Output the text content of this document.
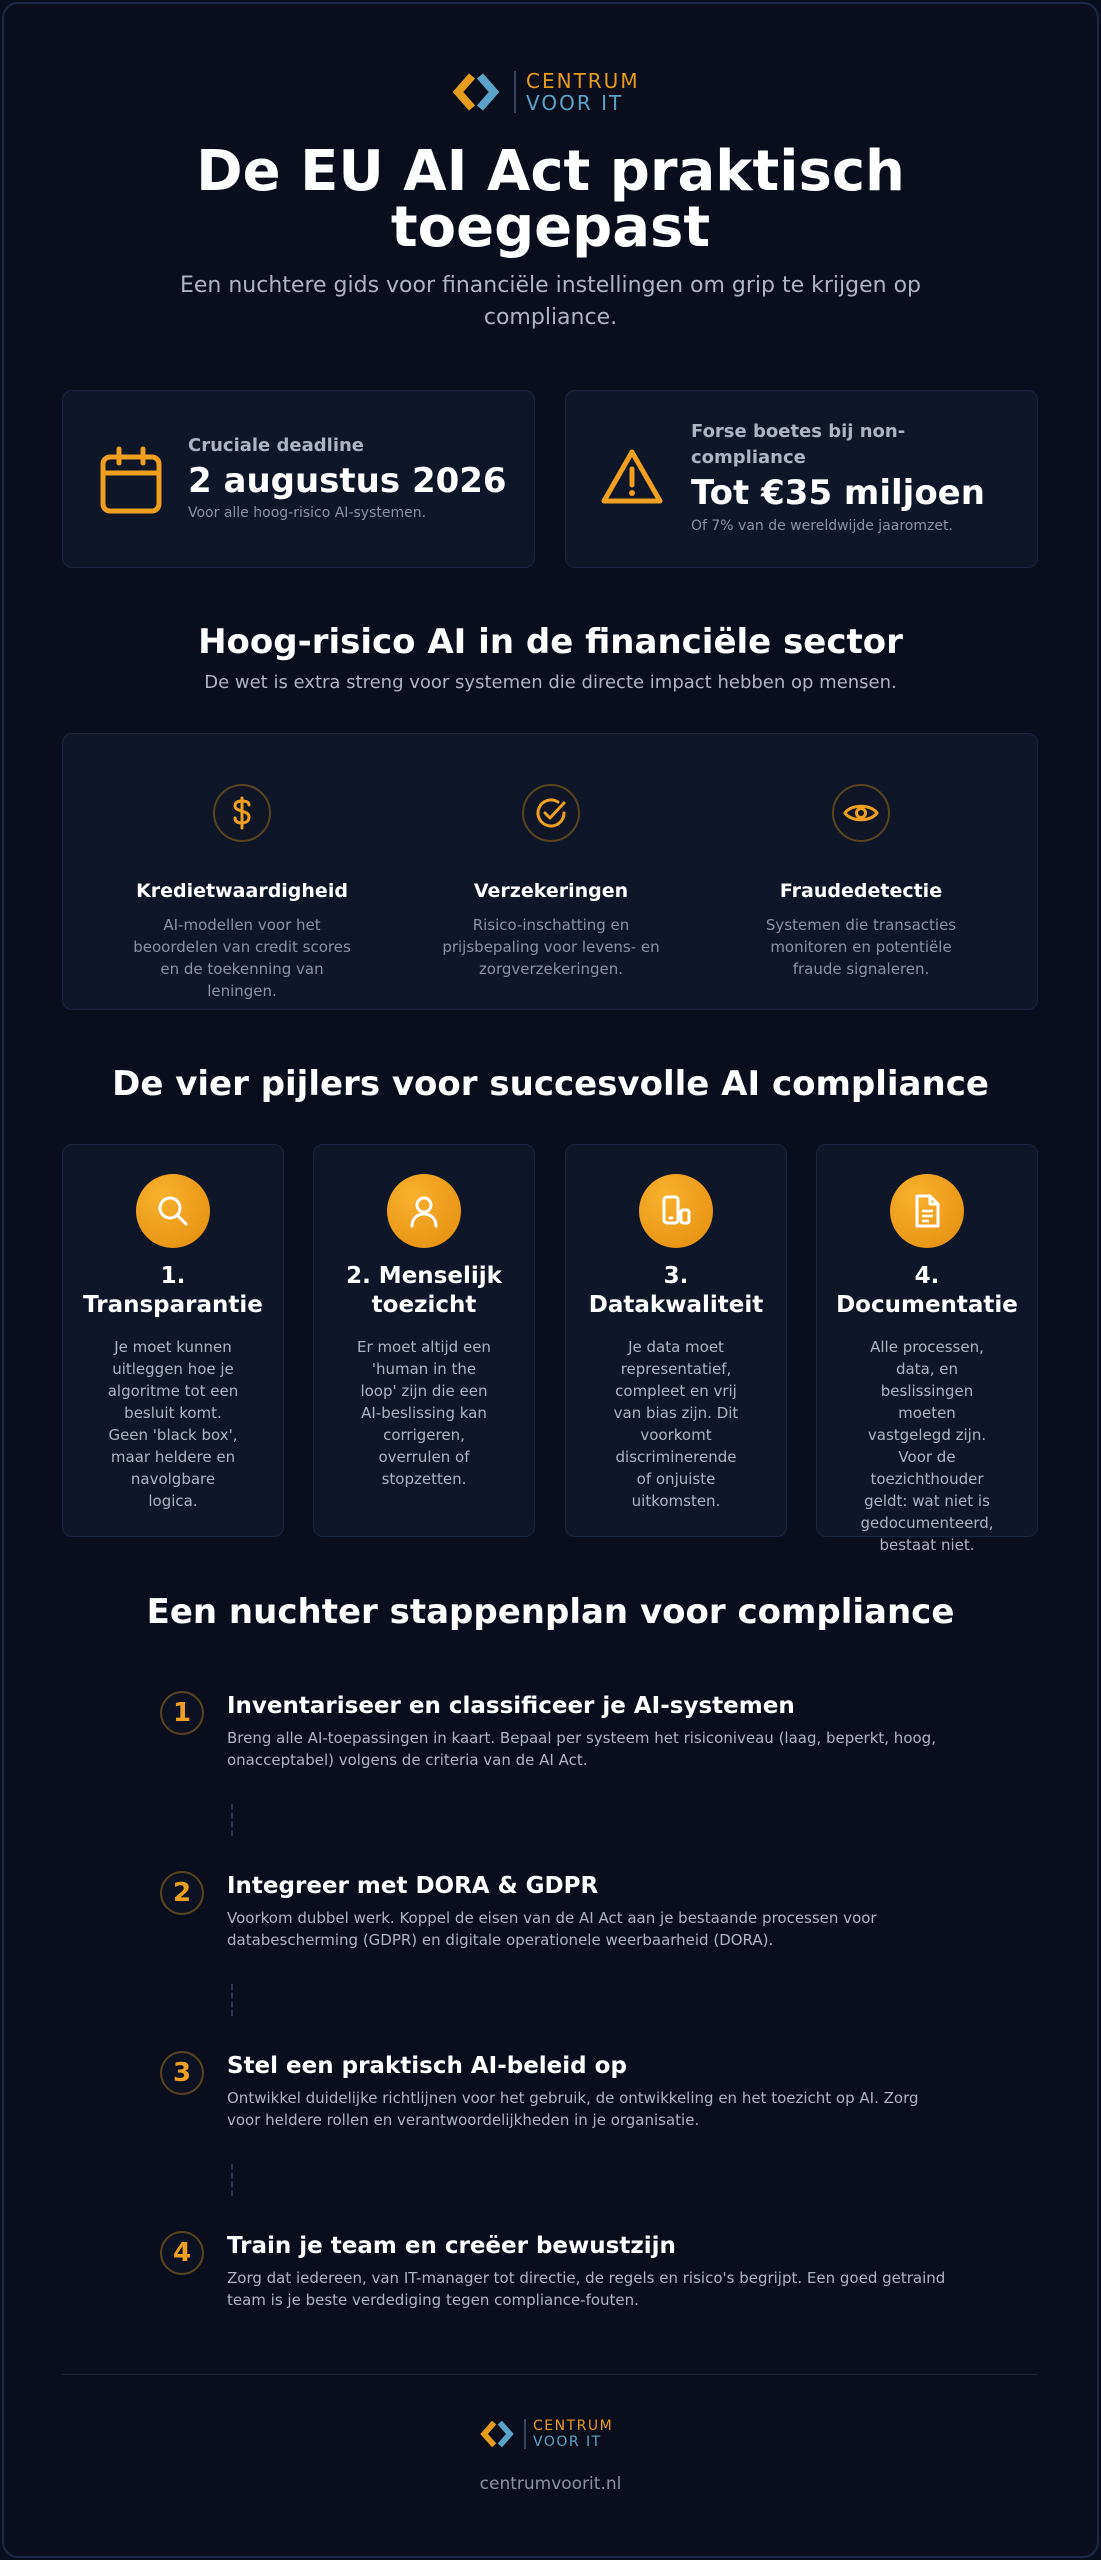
CENTRUM
VOOR IT
De EU AI Act praktisch
toegepast
Een nuchtere gids voor financiële instellingen om grip te krijgen op compliance.
Cruciale deadline
2 augustus 2026
Voor alle hoog-risico AI-systemen.
Forse boetes bij non-compliance
Tot €35 miljoen
Of 7% van de wereldwijde jaaromzet.
Hoog-risico AI in de financiële sector
De wet is extra streng voor systemen die directe impact hebben op mensen.
Kredietwaardigheid
AI-modellen voor het beoordelen van credit scores en de toekenning van leningen.
Verzekeringen
Risico-inschatting en prijsbepaling voor levens- en zorgverzekeringen.
Fraudedetectie
Systemen die transacties monitoren en potentiële fraude signaleren.
De vier pijlers voor succesvolle AI compliance
1. Transparantie
Je moet kunnen uitleggen hoe je algoritme tot een besluit komt. Geen 'black box', maar heldere en navolgbare logica.
2. Menselijk toezicht
Er moet altijd een 'human in the loop' zijn die een AI-beslissing kan corrigeren, overrulen of stopzetten.
3. Datakwaliteit
Je data moet representatief, compleet en vrij van bias zijn. Dit voorkomt discriminerende of onjuiste uitkomsten.
4. Documentatie
Alle processen, data, en beslissingen moeten vastgelegd zijn. Voor de toezichthouder geldt: wat niet is gedocumenteerd, bestaat niet.
Een nuchter stappenplan voor compliance
1	Inventariseer en classificeer je AI-systemen
Breng alle AI-toepassingen in kaart. Bepaal per systeem het risiconiveau (laag, beperkt, hoog, onacceptabel) volgens de criteria van de AI Act.
2	Integreer met DORA & GDPR
Voorkom dubbel werk. Koppel de eisen van de AI Act aan je bestaande processen voor databescherming (GDPR) en digitale operationele weerbaarheid (DORA).
3	Stel een praktisch AI-beleid op
Ontwikkel duidelijke richtlijnen voor het gebruik, de ontwikkeling en het toezicht op AI. Zorg voor heldere rollen en verantwoordelijkheden in je organisatie.
4	Train je team en creëer bewustzijn
Zorg dat iedereen, van IT-manager tot directie, de regels en risico's begrijpt. Een goed getraind team is je beste verdediging tegen compliance-fouten.
CENTRUM
VOOR IT
centrumvoorit.nl
